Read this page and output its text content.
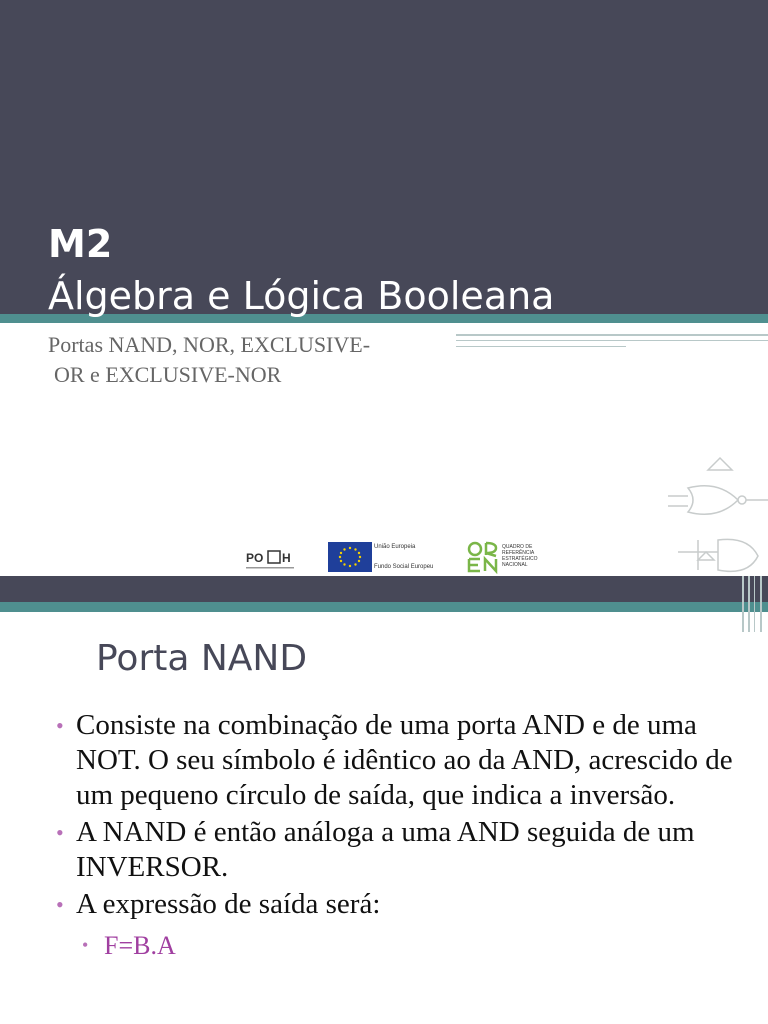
M2
Álgebra e Lógica Booleana

Portas NAND, NOR, EXCLUSIVE-
OR e EXCLUSIVE-NOR

PO H
União Europeia
Fundo Social Europeu
QUADRO DE REFERÊNCIA ESTRATÉGICO NACIONAL
Porta NAND
• Consiste na combinação de uma porta AND e de uma NOT. O seu símbolo é idêntico ao da AND, acrescido de um pequeno círculo de saída, que indica a inversão.
• A NAND é então análoga a uma AND seguida de um INVERSOR.
• A expressão de saída será:
• F=B.A
